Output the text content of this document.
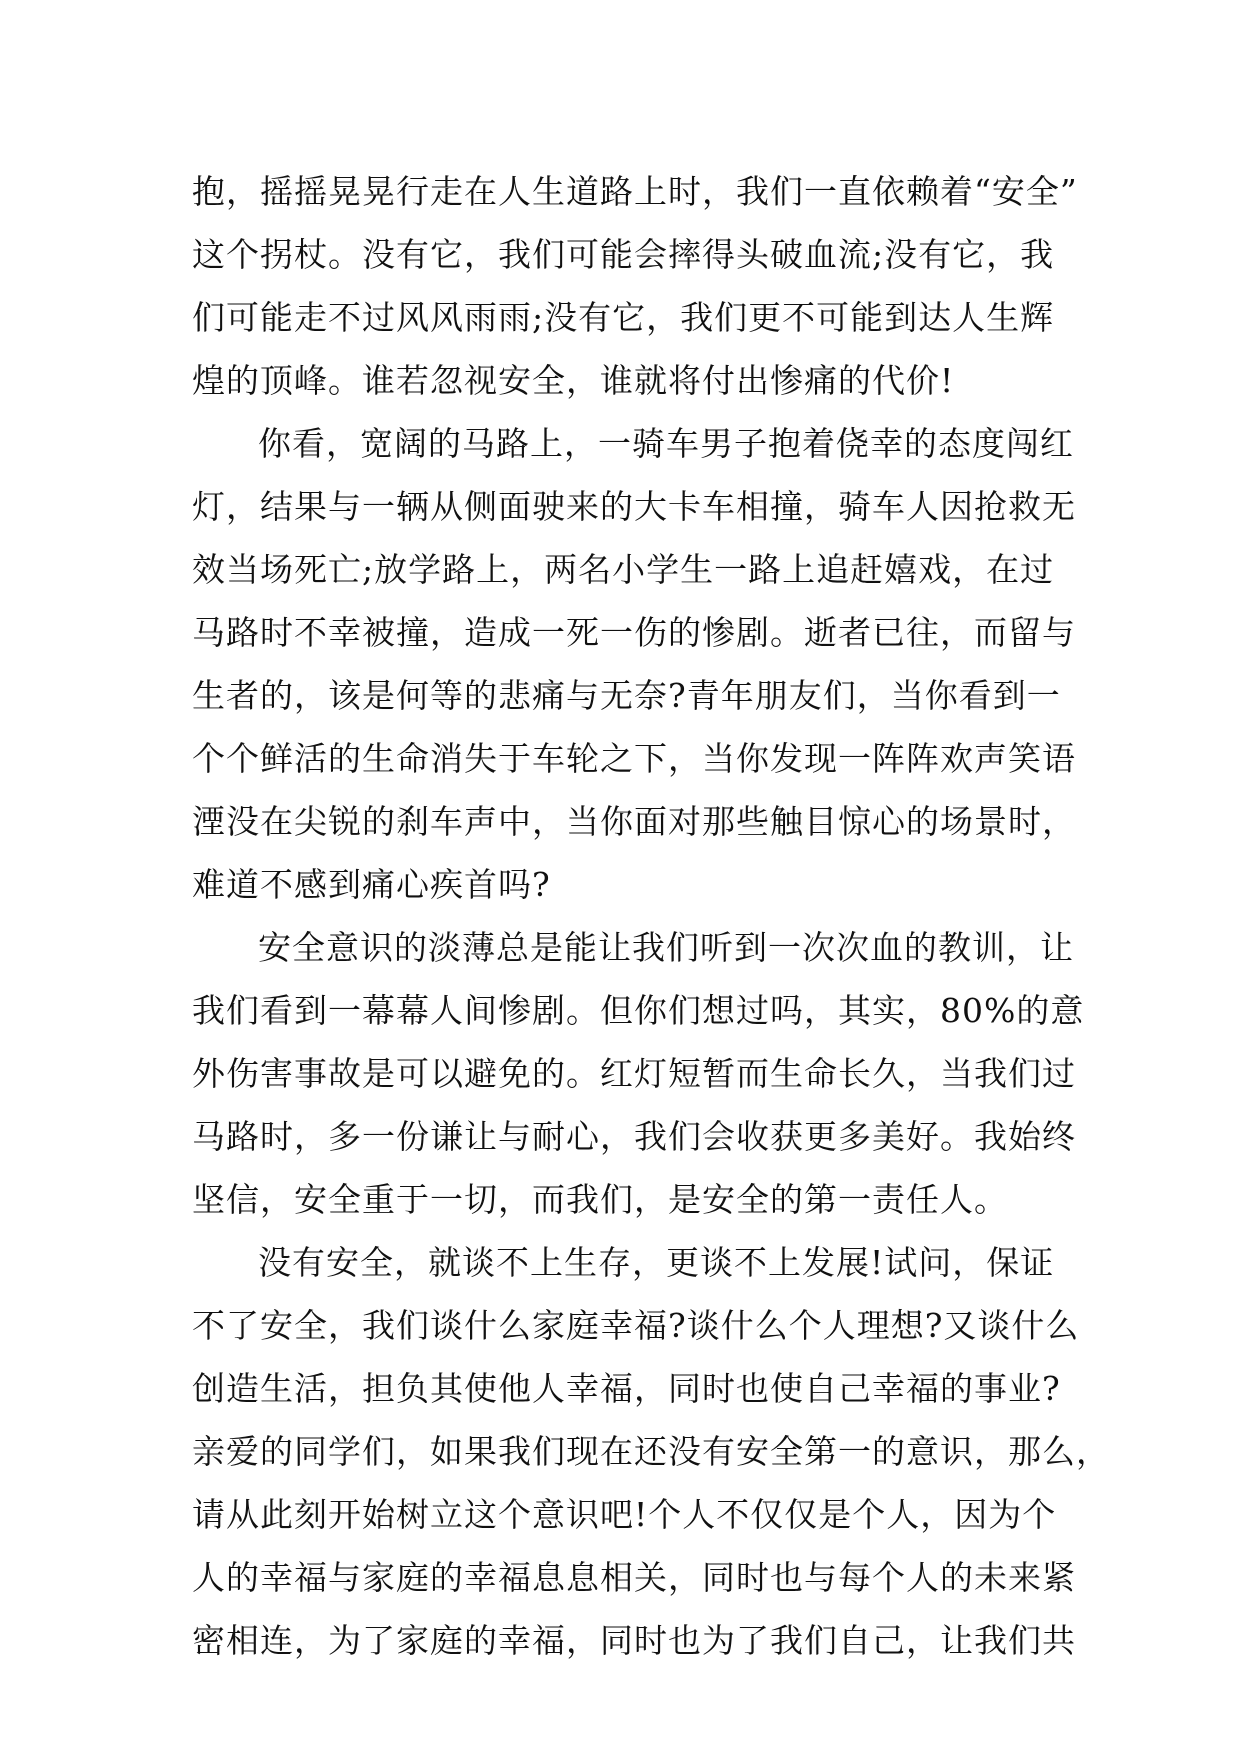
抱，摇摇晃晃行走在人生道路上时，我们一直依赖着“安全”
这个拐杖。没有它，我们可能会摔得头破血流;没有它，我
们可能走不过风风雨雨;没有它，我们更不可能到达人生辉
煌的顶峰。谁若忽视安全，谁就将付出惨痛的代价!
你看，宽阔的马路上，一骑车男子抱着侥幸的态度闯红
灯，结果与一辆从侧面驶来的大卡车相撞，骑车人因抢救无
效当场死亡;放学路上，两名小学生一路上追赶嬉戏，在过
马路时不幸被撞，造成一死一伤的惨剧。逝者已往，而留与
生者的，该是何等的悲痛与无奈?青年朋友们，当你看到一
个个鲜活的生命消失于车轮之下，当你发现一阵阵欢声笑语
湮没在尖锐的刹车声中，当你面对那些触目惊心的场景时，
难道不感到痛心疾首吗?
安全意识的淡薄总是能让我们听到一次次血的教训，让
我们看到一幕幕人间惨剧。但你们想过吗，其实，80%的意
外伤害事故是可以避免的。红灯短暂而生命长久，当我们过
马路时，多一份谦让与耐心，我们会收获更多美好。我始终
坚信，安全重于一切，而我们，是安全的第一责任人。
没有安全，就谈不上生存，更谈不上发展!试问，保证
不了安全，我们谈什么家庭幸福?谈什么个人理想?又谈什么
创造生活，担负其使他人幸福，同时也使自己幸福的事业?
亲爱的同学们，如果我们现在还没有安全第一的意识，那么，
请从此刻开始树立这个意识吧!个人不仅仅是个人，因为个
人的幸福与家庭的幸福息息相关，同时也与每个人的未来紧
密相连，为了家庭的幸福，同时也为了我们自己，让我们共
